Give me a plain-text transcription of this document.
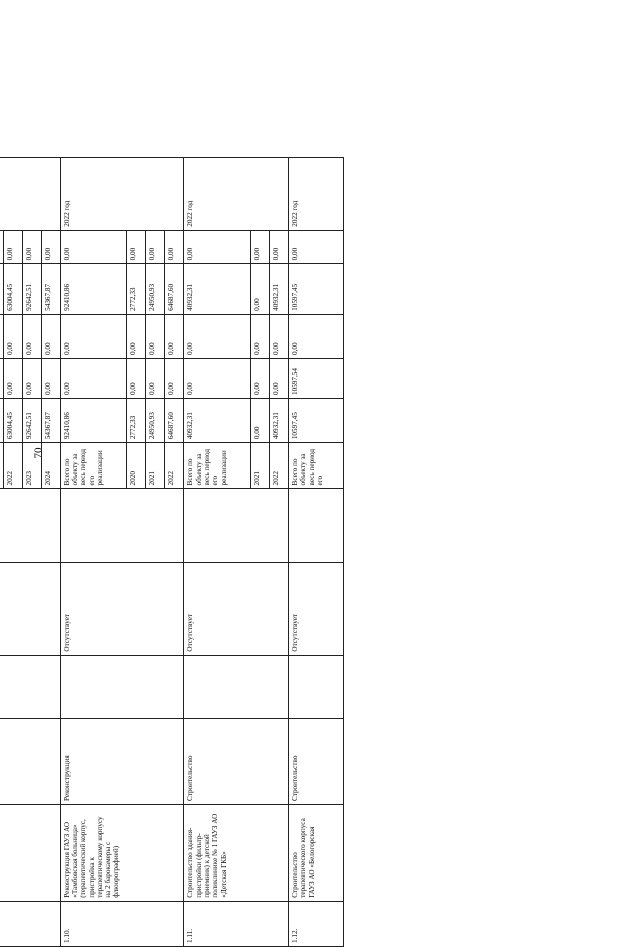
70

						2022	63004,45	0,00	0,00	63004,45	0,00	
						2023	92642,51	0,00	0,00	92642,51	0,00	
						2024	54367,87	0,00	0,00	54367,87	0,00	
1.10.	Реконструкция ГАУЗ АО «Тамбовская больница» (терапевтический корпус, пристройка к терапевтическому корпусу на 2 барокамеры с флюорографией)	Реконструкция		Отсутствует		Всего по объекту за весь период его реализации	92410,86	0,00	0,00	92410,86	0,00	2022 год
						2020	2772,33	0,00	0,00	2772,33	0,00	
						2021	24950,93	0,00	0,00	24950,93	0,00	
						2022	64687,60	0,00	0,00	64687,60	0,00	
1.11.	Строительство здания-пристройки (фильтр-приемник) к детской поликлинике № 1 ГАУЗ АО «Детская ГКБ»	Строительство		Отсутствует		Всего по объекту за весь период его реализации	40932,31	0,00	0,00	40932,31	0,00	2022 год
						2021	0,00	0,00	0,00	0,00	0,00	
						2022	40932,31	0,00	0,00	40932,31	0,00	
1.12.	Строительство терапевтического корпуса ГАУЗ АО «Белогорская	Строительство		Отсутствует		Всего по объекту за весь период его	10597,45	10597,54	0,00	10597,45	0,00	2022 год
